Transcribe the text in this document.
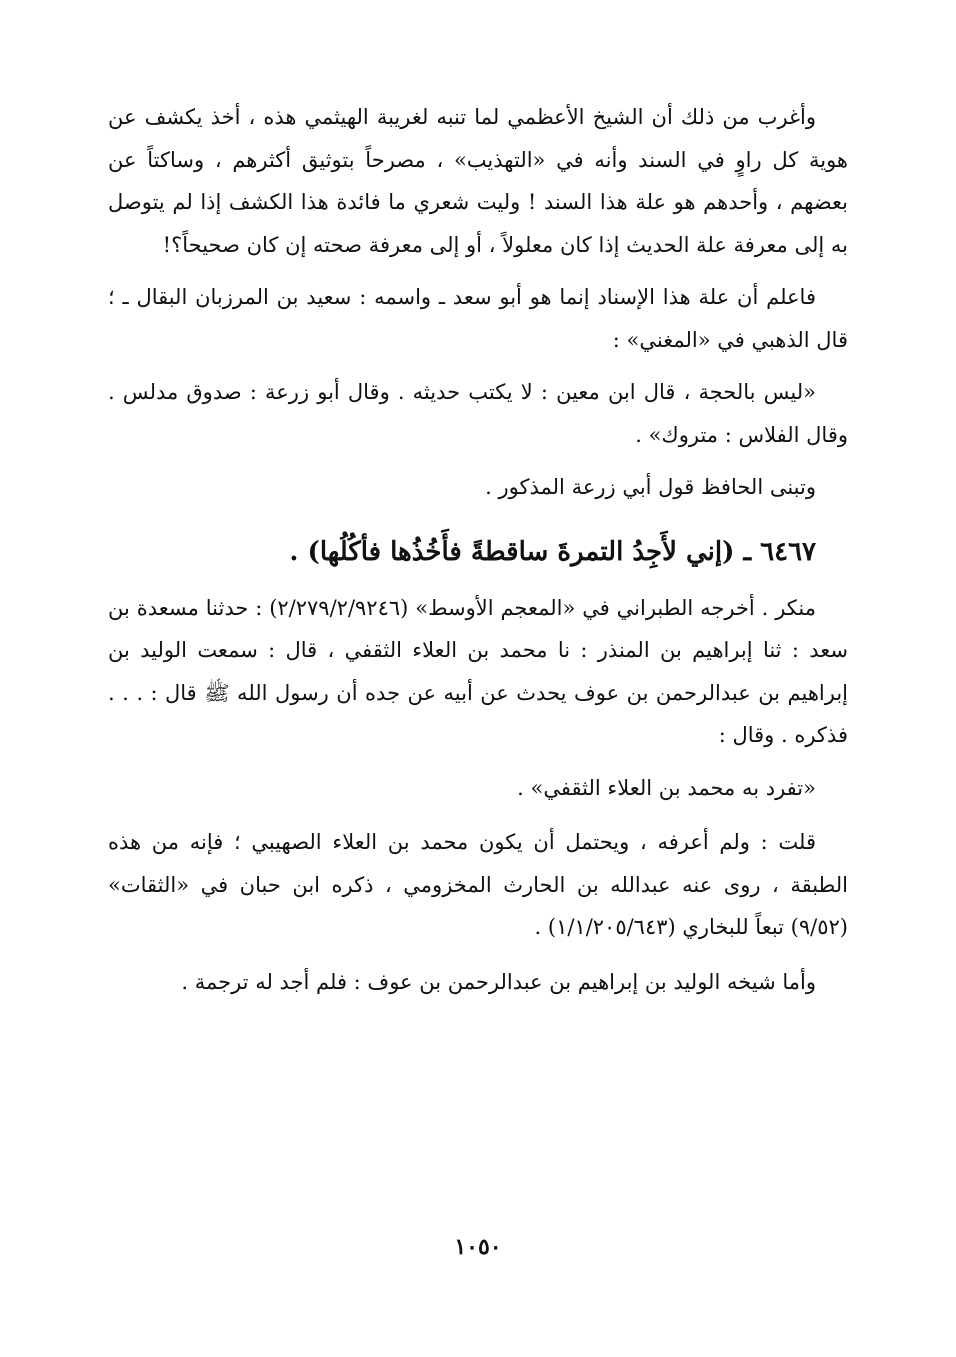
وأغرب من ذلك أن الشيخ الأعظمي لما تنبه لغريبة الهيثمي هذه ، أخذ يكشف عن هوية كل راوٍ في السند وأنه في «التهذيب» ، مصرحاً بتوثيق أكثرهم ، وساكتاً عن بعضهم ، وأحدهم هو علة هذا السند ! وليت شعري ما فائدة هذا الكشف إذا لم يتوصل به إلى معرفة علة الحديث إذا كان معلولاً ، أو إلى معرفة صحته إن كان صحيحاً؟!

فاعلم أن علة هذا الإسناد إنما هو أبو سعد ـ واسمه : سعيد بن المرزبان البقال ـ ؛ قال الذهبي في «المغني» :

«ليس بالحجة ، قال ابن معين : لا يكتب حديثه . وقال أبو زرعة : صدوق مدلس . وقال الفلاس : متروك» .

وتبنى الحافظ قول أبي زرعة المذكور .

٦٤٦٧ ـ (إني لأَجِدُ التمرةَ ساقطةً فأَخُذُها فأكُلُها) .

منكر . أخرجه الطبراني في «المعجم الأوسط» (٢/٢٧٩/٢/٩٢٤٦) : حدثنا مسعدة بن سعد : ثنا إبراهيم بن المنذر : نا محمد بن العلاء الثقفي ، قال : سمعت الوليد بن إبراهيم بن عبدالرحمن بن عوف يحدث عن أبيه عن جده أن رسول الله ﷺ قال : . . . فذكره . وقال :

«تفرد به محمد بن العلاء الثقفي» .

قلت : ولم أعرفه ، ويحتمل أن يكون محمد بن العلاء الصهيبي ؛ فإنه من هذه الطبقة ، روى عنه عبدالله بن الحارث المخزومي ، ذكره ابن حبان في «الثقات» (٩/٥٢) تبعاً للبخاري (١/١/٢٠٥/٦٤٣) .

وأما شيخه الوليد بن إبراهيم بن عبدالرحمن بن عوف : فلم أجد له ترجمة .

١٠٥٠
